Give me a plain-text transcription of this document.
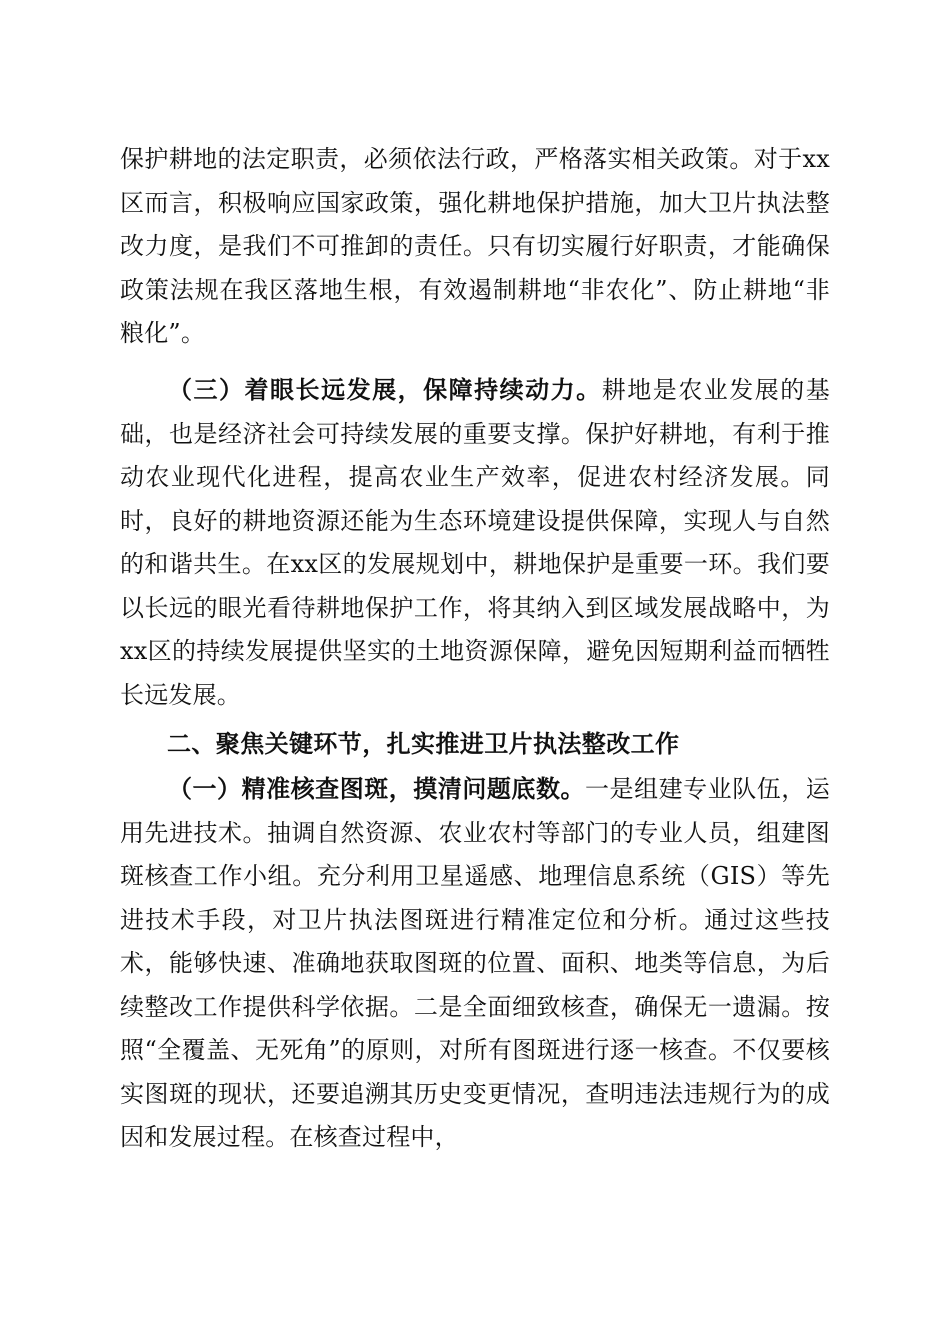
保护耕地的法定职责，必须依法行政，严格落实相关政策。对于xx区而言，积极响应国家政策，强化耕地保护措施，加大卫片执法整改力度，是我们不可推卸的责任。只有切实履行好职责，才能确保政策法规在我区落地生根，有效遏制耕地“非农化”、防止耕地“非粮化”。

（三）着眼长远发展，保障持续动力。耕地是农业发展的基础，也是经济社会可持续发展的重要支撑。保护好耕地，有利于推动农业现代化进程，提高农业生产效率，促进农村经济发展。同时，良好的耕地资源还能为生态环境建设提供保障，实现人与自然的和谐共生。在xx区的发展规划中，耕地保护是重要一环。我们要以长远的眼光看待耕地保护工作，将其纳入到区域发展战略中，为xx区的持续发展提供坚实的土地资源保障，避免因短期利益而牺牲长远发展。

二、聚焦关键环节，扎实推进卫片执法整改工作

（一）精准核查图斑，摸清问题底数。一是组建专业队伍，运用先进技术。抽调自然资源、农业农村等部门的专业人员，组建图斑核查工作小组。充分利用卫星遥感、地理信息系统（GIS）等先进技术手段，对卫片执法图斑进行精准定位和分析。通过这些技术，能够快速、准确地获取图斑的位置、面积、地类等信息，为后续整改工作提供科学依据。二是全面细致核查，确保无一遗漏。按照“全覆盖、无死角”的原则，对所有图斑进行逐一核查。不仅要核实图斑的现状，还要追溯其历史变更情况，查明违法违规行为的成因和发展过程。在核查过程中，
